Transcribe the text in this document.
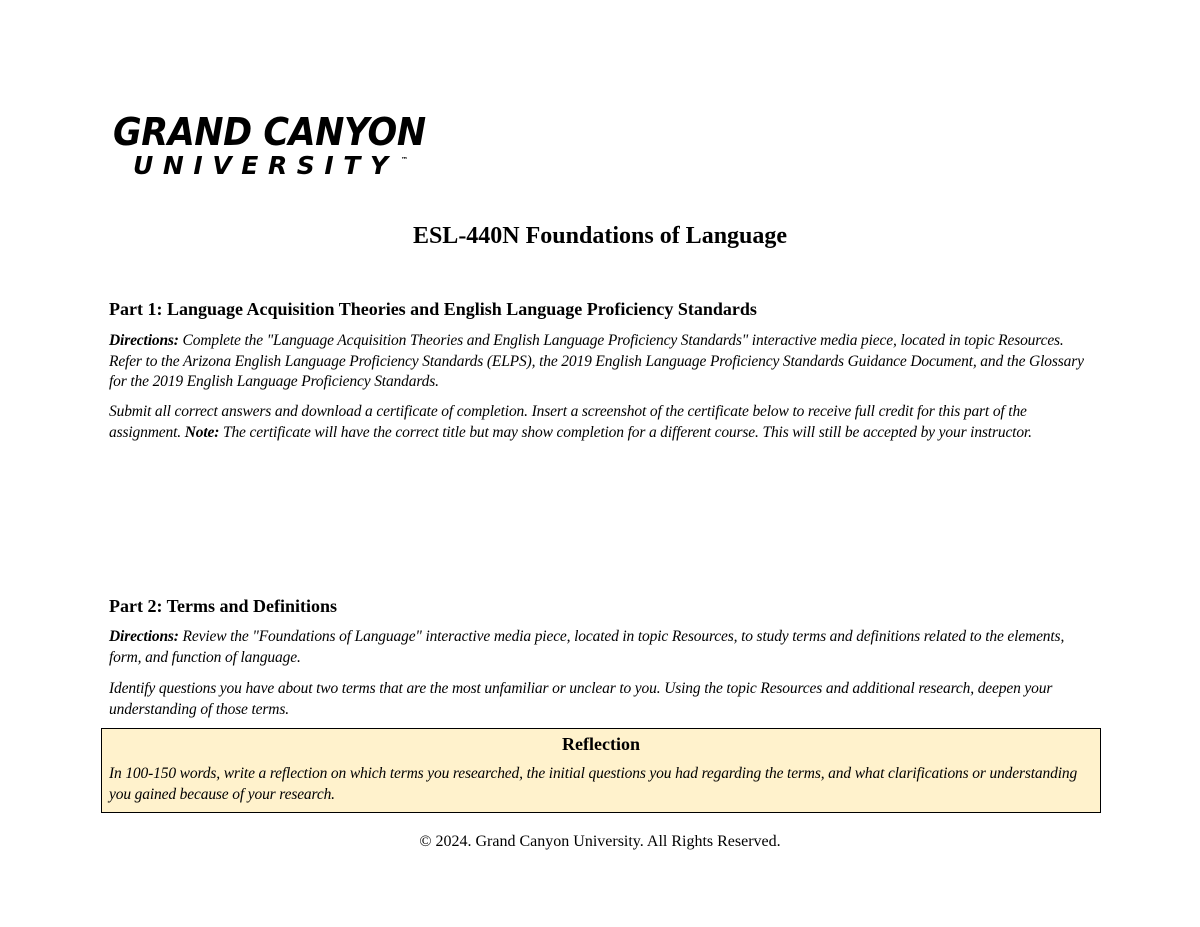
GRAND CANYON
UNIVERSITY ™
ESL-440N Foundations of Language
Part 1: Language Acquisition Theories and English Language Proficiency Standards
Directions: Complete the "Language Acquisition Theories and English Language Proficiency Standards" interactive media piece, located in topic Resources. Refer to the Arizona English Language Proficiency Standards (ELPS), the 2019 English Language Proficiency Standards Guidance Document, and the Glossary for the 2019 English Language Proficiency Standards.
Submit all correct answers and download a certificate of completion. Insert a screenshot of the certificate below to receive full credit for this part of the assignment. Note: The certificate will have the correct title but may show completion for a different course. This will still be accepted by your instructor.
Part 2: Terms and Definitions
Directions: Review the "Foundations of Language" interactive media piece, located in topic Resources, to study terms and definitions related to the elements, form, and function of language.
Identify questions you have about two terms that are the most unfamiliar or unclear to you. Using the topic Resources and additional research, deepen your understanding of those terms.
Reflection
In 100-150 words, write a reflection on which terms you researched, the initial questions you had regarding the terms, and what clarifications or understanding you gained because of your research.
© 2024. Grand Canyon University. All Rights Reserved.
